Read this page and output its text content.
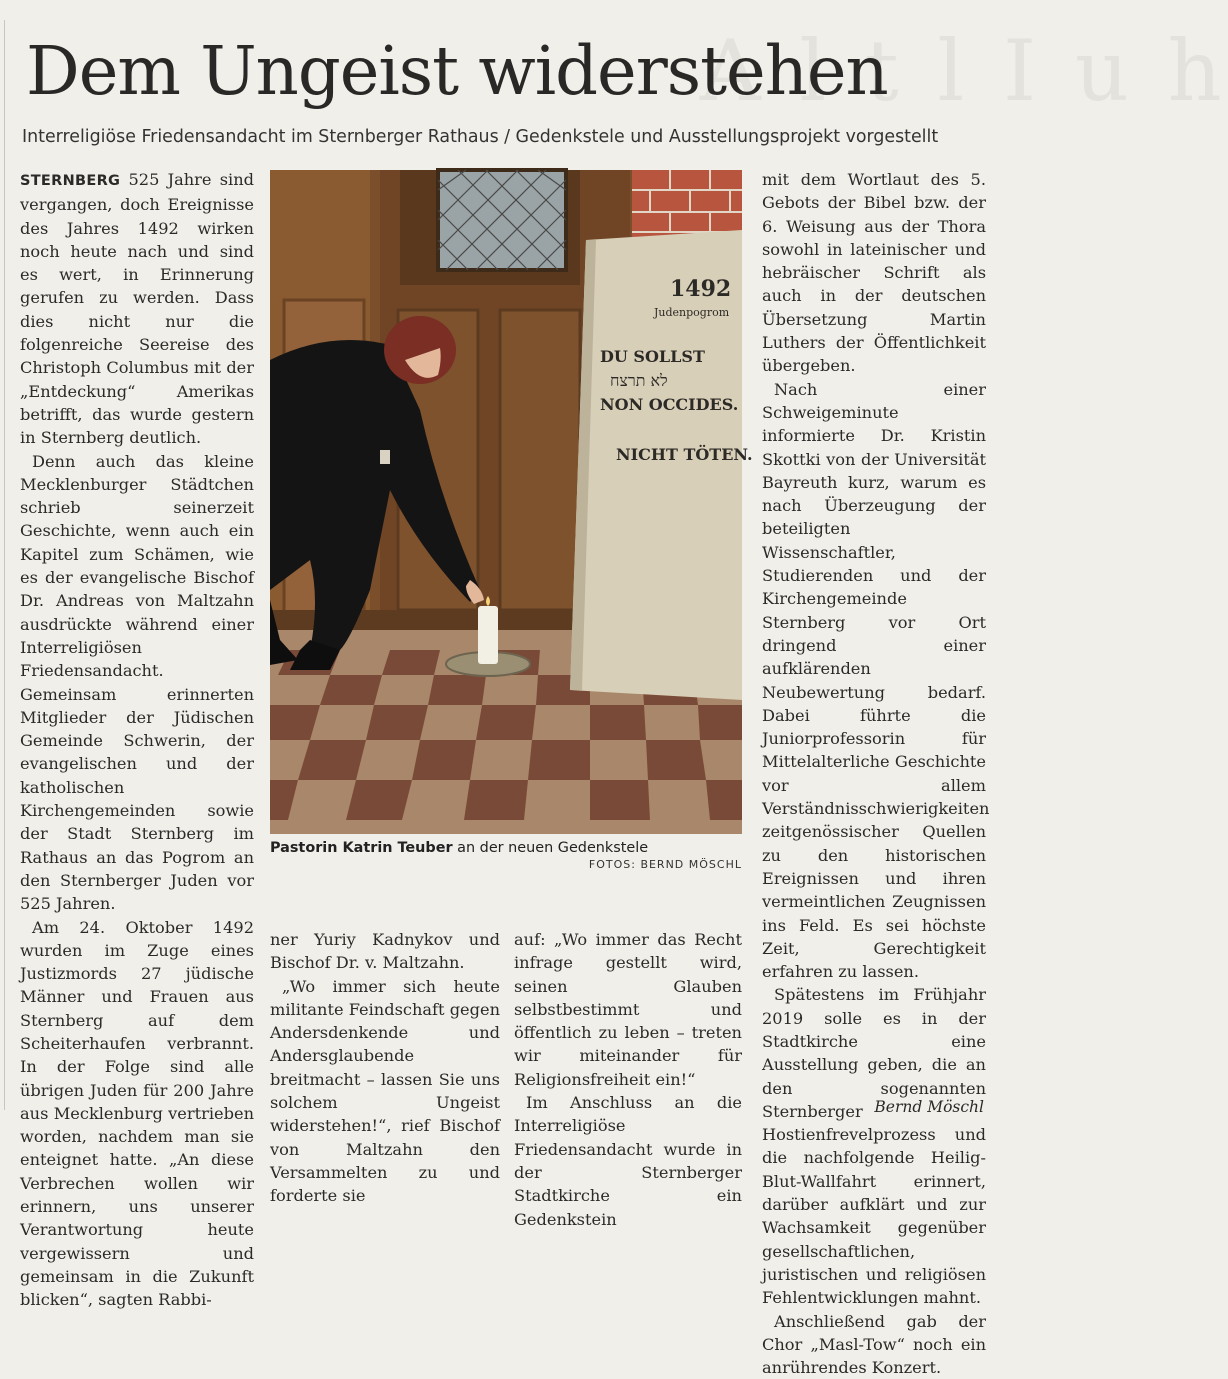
A l t l I u h
Dem Ungeist widerstehen
Interreligiöse Friedensandacht im Sternberger Rathaus / Gedenkstele und Ausstellungsprojekt vorgestellt

STERNBERG 525 Jahre sind vergangen, doch Ereignisse des Jahres 1492 wirken noch heute nach und sind es wert, in Erinnerung gerufen zu werden. Dass dies nicht nur die folgenreiche Seereise des Christoph Columbus mit der „Entdeckung“ Amerikas betrifft, das wurde gestern in Sternberg deutlich.

Denn auch das kleine Mecklenburger Städtchen schrieb seinerzeit Geschichte, wenn auch ein Kapitel zum Schämen, wie es der evangelische Bischof Dr. Andreas von Maltzahn ausdrückte während einer Interreligiösen Friedensandacht. Gemeinsam erinnerten Mitglieder der Jüdischen Gemeinde Schwerin, der evangelischen und der katholischen Kirchengemeinden sowie der Stadt Sternberg im Rathaus an das Pogrom an den Sternberger Juden vor 525 Jahren.

Am 24. Oktober 1492 wurden im Zuge eines Justizmords 27 jüdische Männer und Frauen aus Sternberg auf dem Scheiterhaufen verbrannt. In der Folge sind alle übrigen Juden für 200 Jahre aus Mecklenburg vertrieben worden, nachdem man sie enteignet hatte. „An diese Verbrechen wollen wir erinnern, uns unserer Verantwortung heute vergewissern und gemeinsam in die Zukunft blicken“, sagten Rabbi-

1492
Judenpogrom
DU SOLLST
לא תרצח
NON OCCIDES.
NICHT TÖTEN.
Pastorin Katrin Teuber an der neuen Gedenkstele
FOTOS: BERND MÖSCHL

ner Yuriy Kadnykov und Bischof Dr. v. Maltzahn.

„Wo immer sich heute militante Feindschaft gegen Andersdenkende und Andersglaubende breitmacht – lassen Sie uns solchem Ungeist widerstehen!“, rief Bischof von Maltzahn den Versammelten zu und forderte sie

auf: „Wo immer das Recht infrage gestellt wird, seinen Glauben selbstbestimmt und öffentlich zu leben – treten wir miteinander für Religionsfreiheit ein!“

Im Anschluss an die Interreligiöse Friedensandacht wurde in der Sternberger Stadtkirche ein Gedenkstein

mit dem Wortlaut des 5. Gebots der Bibel bzw. der 6. Weisung aus der Thora sowohl in lateinischer und hebräischer Schrift als auch in der deutschen Übersetzung Martin Luthers der Öffentlichkeit übergeben.

Nach einer Schweigeminute informierte Dr. Kristin Skottki von der Universität Bayreuth kurz, warum es nach Überzeugung der beteiligten Wissenschaftler, Studierenden und der Kirchengemeinde Sternberg vor Ort dringend einer aufklärenden Neubewertung bedarf. Dabei führte die Juniorprofessorin für Mittelalterliche Geschichte vor allem Verständnisschwierigkeiten zeitgenössischer Quellen zu den historischen Ereignissen und ihren vermeintlichen Zeugnissen ins Feld. Es sei höchste Zeit, Gerechtigkeit erfahren zu lassen.

Spätestens im Frühjahr 2019 solle es in der Stadtkirche eine Ausstellung geben, die an den sogenannten Sternberger Hostienfrevelprozess und die nachfolgende Heilig-Blut-Wallfahrt erinnert, darüber aufklärt und zur Wachsamkeit gegenüber gesellschaftlichen, juristischen und religiösen Fehlentwicklungen mahnt.

Anschließend gab der Chor „Masl-Tow“ noch ein anrührendes Konzert.

Bernd Möschl
